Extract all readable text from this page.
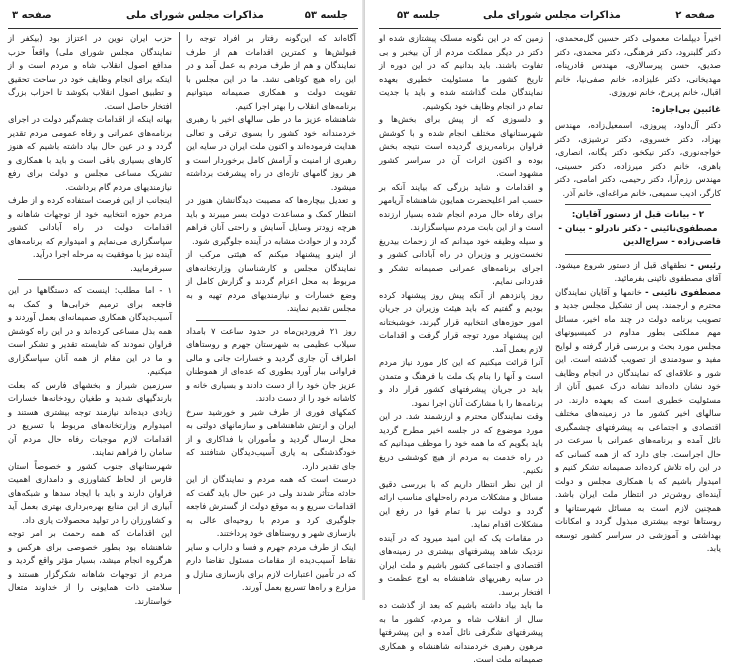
صفحه ۳	مذاکرات مجلس شورای ملی	جلسه ۵۳

حزب ایران نوین در اعتزاز بود (بیکفر از نمایندگان مجلس شورای ملی) واقعاً حزب مدافع اصول انقلاب شاه و مردم است و از اینکه برای انجام وظایف خود در ساحت تحقیق و تطبیق اصول انقلاب بکوشد تا احزاب بزرگ افتخار حاصل است.

بهانه اینکه از اقدامات چشم‌گیر دولت در اجرای برنامه‌های عمرانی و رفاه عمومی مردم تقدیر گردد و در عین حال بیاد داشته باشیم که هنوز کارهای بسیاری باقی است و باید با همکاری و تشریک مساعی مجلس و دولت برای رفع نیازمندیهای مردم گام برداشت.

اینجانب از این فرصت استفاده کرده و از طرف مردم حوزه انتخابیه خود از توجهات شاهانه و اقدامات دولت در راه آبادانی کشور سپاسگزاری می‌نمایم و امیدوارم که برنامه‌های آینده نیز با موفقیت به مرحله اجرا درآید.

سبرفرمایید.

۱ - اما مطلب: اینست که دستگاهها در این فاجعه برای ترمیم خرابی‌ها و کمک به آسیب‌دیدگان همکاری صمیمانه‌ای بعمل آوردند و همه بذل مساعی کرده‌اند و در این راه کوشش فراوان نمودند که شایسته تقدیر و تشکر است و ما در این مقام از همه آنان سپاسگزاری میکنیم.

سرزمین شیراز و بخشهای فارس که بعلت بارندگیهای شدید و طغیان رودخانه‌ها خسارات زیادی دیده‌اند نیازمند توجه بیشتری هستند و امیدوارم وزارتخانه‌های مربوط با تسریع در اقدامات لازم موجبات رفاه حال مردم آن سامان را فراهم نمایند.

شهرستانهای جنوب کشور و خصوصاً استان فارس از لحاظ کشاورزی و دامداری اهمیت فراوان دارند و باید با ایجاد سدها و شبکه‌های آبیاری از این منابع بهره‌برداری بهتری بعمل آید و کشاورزان را در تولید محصولات یاری داد.

این اقدامات که همه رحمت بر امر توجه شاهنشاه بود بطور خصوصی برای هرکس و هرگروه انجام میشد، بسیار مؤثر واقع گردید و مردم از توجهات شاهانه شکرگزار هستند و سلامتی ذات همایونی را از خداوند متعال خواستارند.

آگاه‌اند که این‌گونه رفتار بر افراد توجه را قبولش‌ها و کمترین اقدامات هم از طرف نمایندگان و هم از طرف مردم به عمل آمد و در این راه هیچ کوتاهی نشد. ما در این مجلس با تقویت دولت و همکاری صمیمانه میتوانیم برنامه‌های انقلاب را بهتر اجرا کنیم.

شاهنشاه عزیز ما در طی سالهای اخیر با رهبری خردمندانه خود کشور را بسوی ترقی و تعالی هدایت فرموده‌اند و اکنون ملت ایران در سایه این رهبری از امنیت و آرامش کامل برخوردار است و هر روز گامهای تازه‌ای در راه پیشرفت برداشته میشود.

و تعدیل بیچاره‌ها که مصیبت دیدگانشان هنوز در انتظار کمک و مساعدت دولت بسر میبرند و باید هرچه زودتر وسایل آسایش و راحتی آنان فراهم گردد و از حوادث مشابه در آینده جلوگیری شود.

از اینرو پیشنهاد میکنم که هیئتی مرکب از نمایندگان مجلس و کارشناسان وزارتخانه‌های مربوط به محل اعزام گردند و گزارش کامل از وضع خسارات و نیازمندیهای مردم تهیه و به مجلس تقدیم نمایند.

روز ۲۱ فروردین‌ماه در حدود ساعت ۷ بامداد سیلاب عظیمی به شهرستان جهرم و روستاهای اطراف آن جاری گردید و خسارات جانی و مالی فراوانی ببار آورد بطوری که عده‌ای از هموطنان عزیز جان خود را از دست دادند و بسیاری خانه و کاشانه خود را از دست دادند.

کمکهای فوری از طرف شیر و خورشید سرخ ایران و ارتش شاهنشاهی و سازمانهای دولتی به محل ارسال گردید و مأموران با فداکاری و از خودگذشتگی به یاری آسیب‌دیدگان شتافتند که جای تقدیر دارد.

درست است که همه مردم و نمایندگان از این حادثه متأثر شدند ولی در عین حال باید گفت که اقدامات سریع و به موقع دولت از گسترش فاجعه جلوگیری کرد و مردم با روحیه‌ای عالی به بازسازی شهر و روستاهای خود پرداختند.

اینک از طرف مردم جهرم و فسا و داراب و سایر نقاط آسیب‌دیده از مقامات مسئول تقاضا دارم که در تأمین اعتبارات لازم برای بازسازی منازل و مزارع و راه‌ها تسریع بعمل آورند.

جلسه ۵۳	مذاکرات مجلس شورای ملی	صفحه ۲

زمین که در این نگونه مسلک پیشتازی شده‌ او دکتر در دیگر مملکت مردم از آن بیخبر و بی تفاوت باشند. باید بدانیم که در این دوره از تاریخ کشور ما مسئولیت خطیری بعهده نمایندگان ملت گذاشته شده و باید با جدیت تمام در انجام وظایف خود بکوشیم.

و دلسوزی که از پیش برای بخش‌ها و شهرستانهای مختلف انجام شده و با کوشش فراوان برنامه‌ریزی گردیده است نتیجه بخش بوده و اکنون اثرات آن در سراسر کشور مشهود است.

و اقدامات و شاید بزرگی که بیایند آنکه بر حسب امر اعلیحضرت همایون شاهنشاه آریامهر برای رفاه حال مردم انجام شده بسیار ارزنده است و از این بابت مردم سپاسگزارند.

و سیله وظیفه خود میدانم که از زحمات بیدریغ نخست‌وزیر و وزیران در راه آبادانی کشور و اجرای برنامه‌های عمرانی صمیمانه تشکر و قدردانی نمایم.

روز پانزدهم از آنکه پیش روز پیشنهاد کرده بودیم و گفتیم که باید هیئت وزیران در جریان امور حوزه‌های انتخابیه قرار گیرند، خوشبختانه این پیشنهاد مورد توجه قرار گرفت و اقدامات لازم بعمل آمد.

آنرا قرائت میکنیم که این کار مورد نیاز مردم است و آنها را بنام یک ملت با فرهنگ و متمدن باید در جریان پیشرفتهای کشور قرار داد و برنامه‌ها را با مشارکت آنان اجرا نمود.

وقت نمایندگان محترم و ارزشمند شد. در این مورد موضوع که در جلسه اخیر مطرح گردید باید بگویم که ما همه خود را موظف میدانیم که در راه خدمت به مردم از هیچ کوششی دریغ نکنیم.

از این نظر انتظار داریم که با بررسی دقیق مسائل و مشکلات مردم راه‌حلهای مناسب ارائه گردد و دولت نیز با تمام قوا در رفع این مشکلات اقدام نماید.

در مقامات یک‌ که این‌ امید میرود که در آینده نزدیک شاهد پیشرفتهای بیشتری در زمینه‌های اقتصادی و اجتماعی کشور باشیم و ملت ایران در سایه رهبریهای شاهنشاه به اوج عظمت و افتخار برسد.

ما باید بیاد داشته باشیم که بعد از گذشت ده سال از انقلاب شاه و مردم، کشور ما به پیشرفتهای شگرفی نائل آمده و این پیشرفتها مرهون رهبری خردمندانه شاهنشاه و همکاری صمیمانه ملت است.

اخیراً دیپلمات معمولی دکتر حسین گل‌محمدی، دکتر گلبنرود، دکتر فرهنگی، دکتر محمدی، دکتر صدیق، حسن پیرسالاری، مهندس قادرپناه، مهدیخانی، دکتر علیزاده، خانم صفی‌نیا، خانم اقبال، خانم پریرخ، خانم نوروزی.

غائبین بی‌اجازه:

دکتر آل‌داود، پیروزی، اسمعیل‌زاده، مهندس بهزاد، دکتر خسروی، دکتر ترشیزی، دکتر خواجه‌نوری، دکتر نیکخو، دکتر یگانه، انصاری، باهری، خانم دکتر میرزاده، دکتر حسینی، مهندس رزم‌آرا، دکتر رحیمی، دکتر امامی، دکتر کارگر، ادیب‌ سمیعی، خانم مراغه‌ای، خانم آذر.

۲ - بیانات قبل از دستور آقایان: مصطفوی‌نائینی - دکتر نادرلو - بینان - قاضی‌زاده - سراج‌الدین

رئیس - نطقهای قبل از دستور شروع میشود. آقای مصطفوی نائینی بفرمائید.

مصطفوی نائینی - خانمها و آقایان نمایندگان محترم و ارجمند. پس از تشکیل مجلس جدید و تصویب برنامه دولت در چند ماه اخیر، مسائل مهم مملکتی بطور مداوم در کمیسیونهای مجلس مورد بحث و بررسی قرار گرفته و لوایح مفید و سودمندی از تصویب گذشته است. این شور و علاقه‌ای که نمایندگان در انجام وظایف خود نشان داده‌اند نشانه درک عمیق آنان از مسئولیت خطیری است که بعهده دارند. در سالهای اخیر کشور ما در زمینه‌های مختلف اقتصادی و اجتماعی به پیشرفتهای چشمگیری نائل آمده و برنامه‌های عمرانی با سرعت در حال اجراست. جای دارد که از همه کسانی که در این راه تلاش کرده‌اند صمیمانه تشکر کنیم و امیدوار باشیم که با همکاری مجلس و دولت آینده‌ای روشن‌تر در انتظار ملت ایران باشد. همچنین لازم است به مسائل شهرستانها و روستاها توجه بیشتری مبذول گردد و امکانات بهداشتی و آموزشی در سراسر کشور توسعه یابد.
